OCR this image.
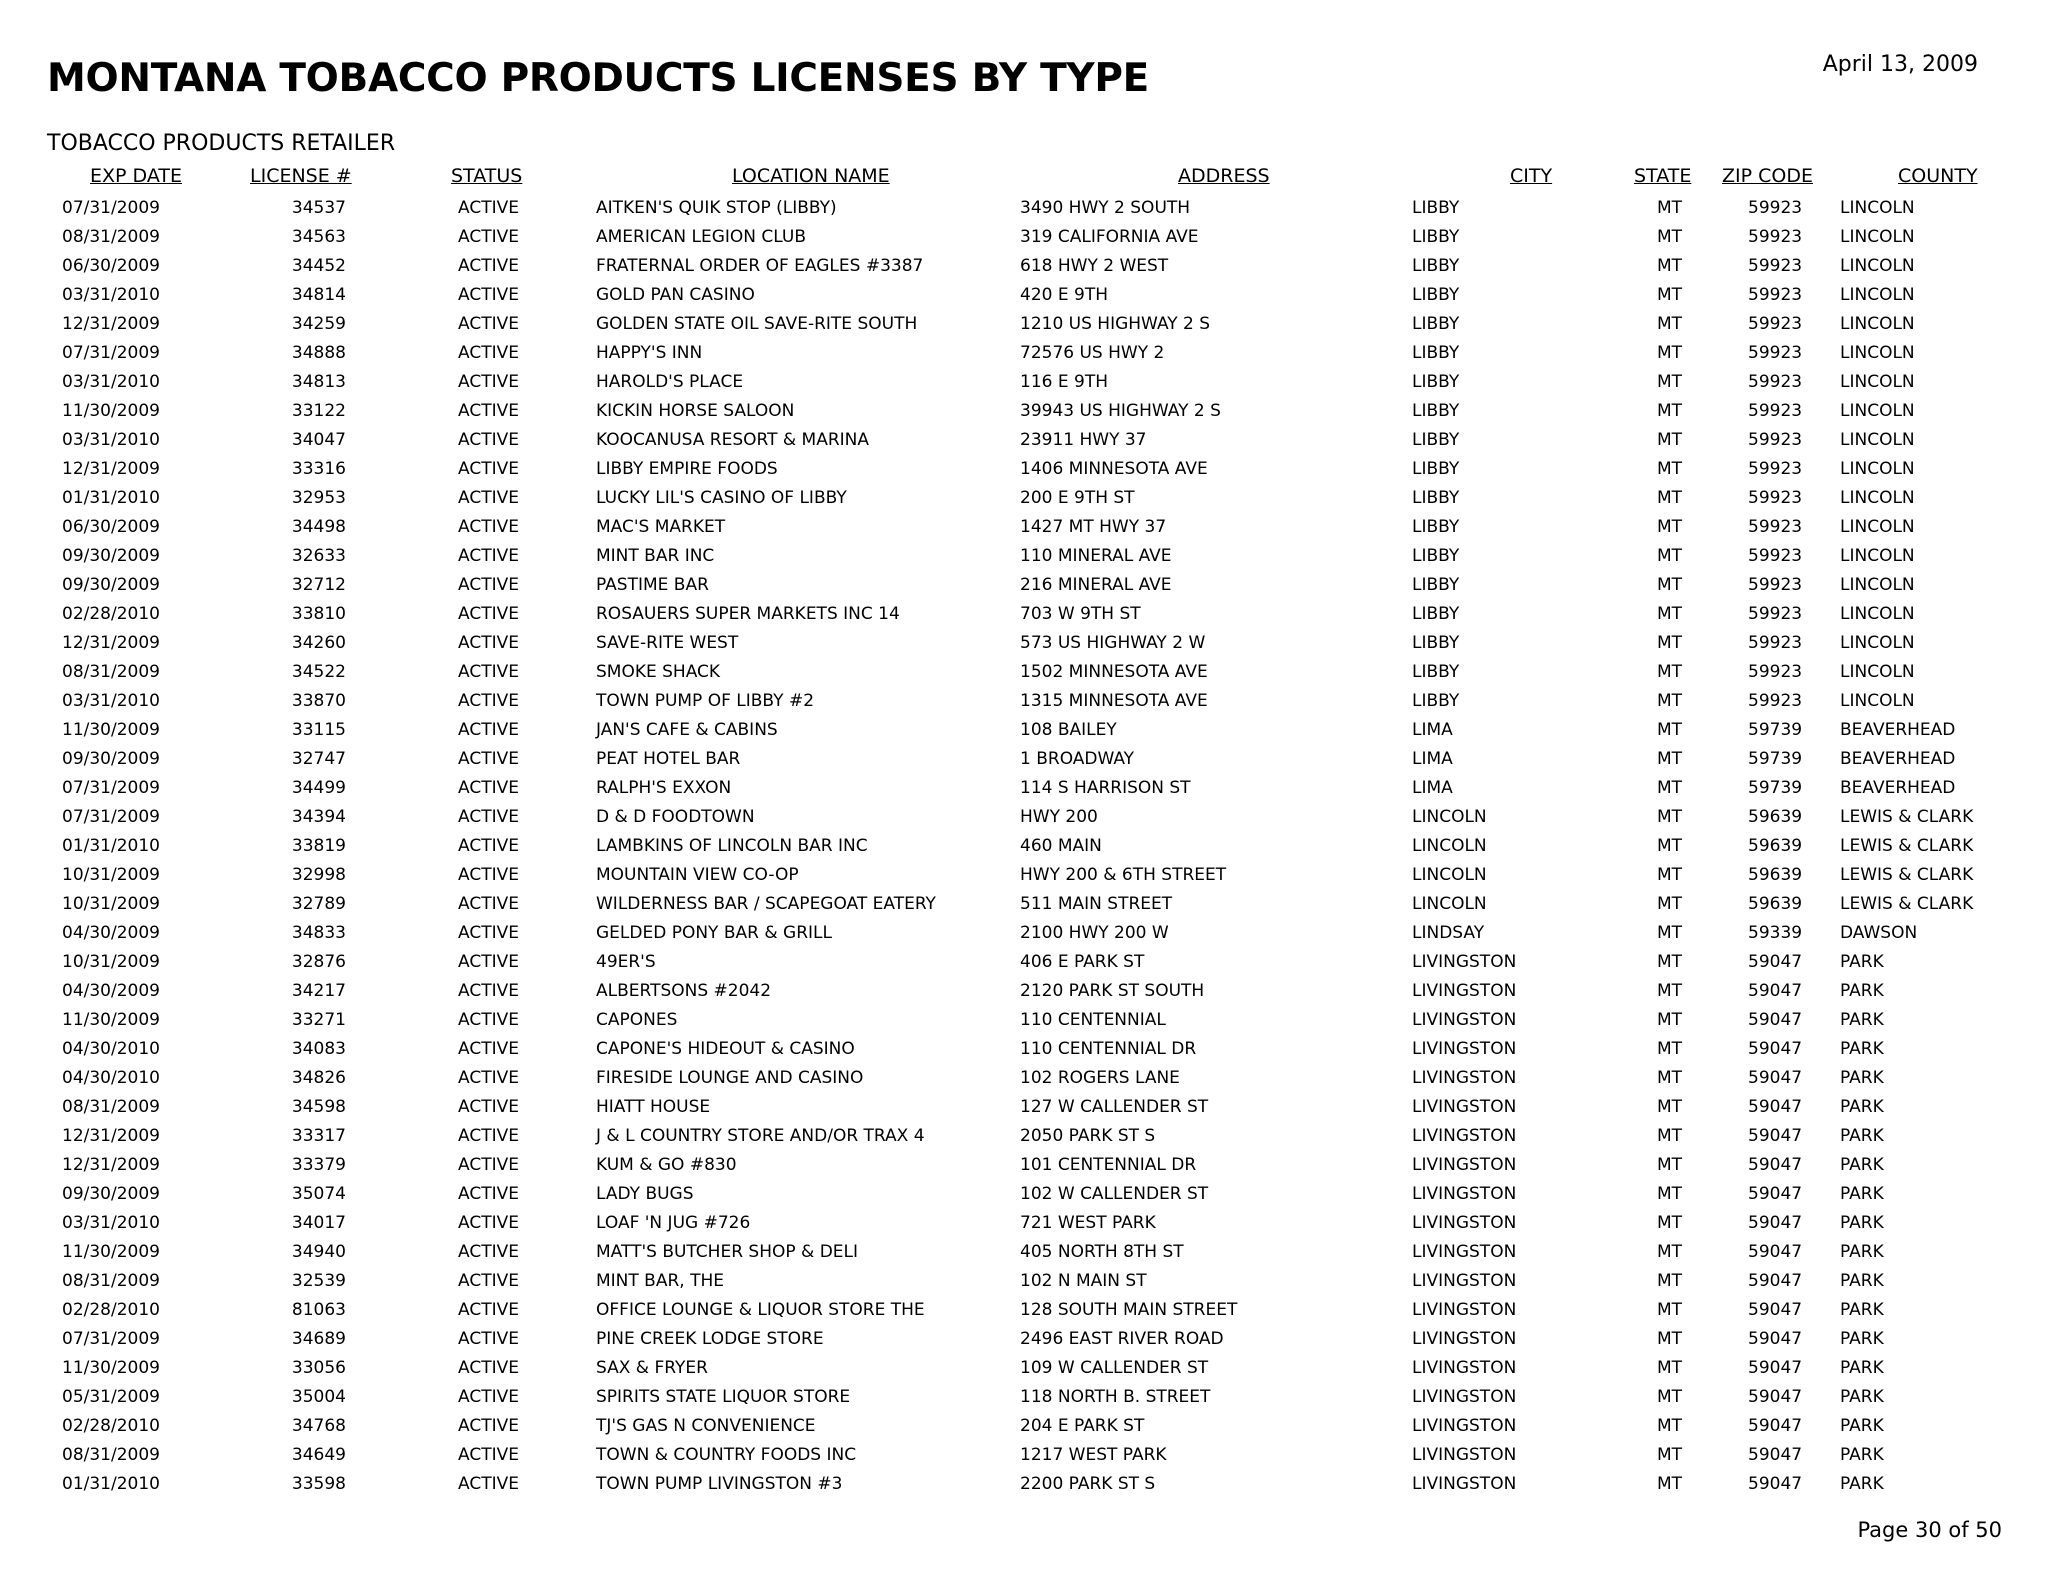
MONTANA TOBACCO PRODUCTS LICENSES BY TYPE	April 13, 2009
TOBACCO PRODUCTS RETAILER
EXP DATE	LICENSE #	STATUS	LOCATION NAME	ADDRESS	CITY	STATE ZIP CODE	COUNTY
07/31/2009	34537	ACTIVE	AITKEN'S QUIK STOP (LIBBY)	3490 HWY 2 SOUTH	LIBBY	MT	59923 LINCOLN
08/31/2009	34563	ACTIVE	AMERICAN LEGION CLUB	319 CALIFORNIA AVE	LIBBY	MT	59923 LINCOLN
06/30/2009	34452	ACTIVE	FRATERNAL ORDER OF EAGLES #3387	618 HWY 2 WEST	LIBBY	MT	59923 LINCOLN
03/31/2010	34814	ACTIVE	GOLD PAN CASINO	420 E 9TH	LIBBY	MT	59923 LINCOLN
12/31/2009	34259	ACTIVE	GOLDEN STATE OIL SAVE-RITE SOUTH	1210 US HIGHWAY 2 S	LIBBY	MT	59923 LINCOLN
07/31/2009	34888	ACTIVE	HAPPY'S INN	72576 US HWY 2	LIBBY	MT	59923 LINCOLN
03/31/2010	34813	ACTIVE	HAROLD'S PLACE	116 E 9TH	LIBBY	MT	59923 LINCOLN
11/30/2009	33122	ACTIVE	KICKIN HORSE SALOON	39943 US HIGHWAY 2 S	LIBBY	MT	59923 LINCOLN
03/31/2010	34047	ACTIVE	KOOCANUSA RESORT & MARINA	23911 HWY 37	LIBBY	MT	59923 LINCOLN
12/31/2009	33316	ACTIVE	LIBBY EMPIRE FOODS	1406 MINNESOTA AVE	LIBBY	MT	59923 LINCOLN
01/31/2010	32953	ACTIVE	LUCKY LIL'S CASINO OF LIBBY	200 E 9TH ST	LIBBY	MT	59923 LINCOLN
06/30/2009	34498	ACTIVE	MAC'S MARKET	1427 MT HWY 37	LIBBY	MT	59923 LINCOLN
09/30/2009	32633	ACTIVE	MINT BAR INC	110 MINERAL AVE	LIBBY	MT	59923 LINCOLN
09/30/2009	32712	ACTIVE	PASTIME BAR	216 MINERAL AVE	LIBBY	MT	59923 LINCOLN
02/28/2010	33810	ACTIVE	ROSAUERS SUPER MARKETS INC 14	703 W 9TH ST	LIBBY	MT	59923 LINCOLN
12/31/2009	34260	ACTIVE	SAVE-RITE WEST	573 US HIGHWAY 2 W	LIBBY	MT	59923 LINCOLN
08/31/2009	34522	ACTIVE	SMOKE SHACK	1502 MINNESOTA AVE	LIBBY	MT	59923 LINCOLN
03/31/2010	33870	ACTIVE	TOWN PUMP OF LIBBY #2	1315 MINNESOTA AVE	LIBBY	MT	59923 LINCOLN
11/30/2009	33115	ACTIVE	JAN'S CAFE & CABINS	108 BAILEY	LIMA	MT	59739 BEAVERHEAD
09/30/2009	32747	ACTIVE	PEAT HOTEL BAR	1 BROADWAY	LIMA	MT	59739 BEAVERHEAD
07/31/2009	34499	ACTIVE	RALPH'S EXXON	114 S HARRISON ST	LIMA	MT	59739 BEAVERHEAD
07/31/2009	34394	ACTIVE	D & D FOODTOWN	HWY 200	LINCOLN	MT	59639 LEWIS & CLARK
01/31/2010	33819	ACTIVE	LAMBKINS OF LINCOLN BAR INC	460 MAIN	LINCOLN	MT	59639 LEWIS & CLARK
10/31/2009	32998	ACTIVE	MOUNTAIN VIEW CO-OP	HWY 200 & 6TH STREET	LINCOLN	MT	59639 LEWIS & CLARK
10/31/2009	32789	ACTIVE	WILDERNESS BAR / SCAPEGOAT EATERY	511 MAIN STREET	LINCOLN	MT	59639 LEWIS & CLARK
04/30/2009	34833	ACTIVE	GELDED PONY BAR & GRILL	2100 HWY 200 W	LINDSAY	MT	59339 DAWSON
10/31/2009	32876	ACTIVE	49ER'S	406 E PARK ST	LIVINGSTON	MT	59047 PARK
04/30/2009	34217	ACTIVE	ALBERTSONS #2042	2120 PARK ST SOUTH	LIVINGSTON	MT	59047 PARK
11/30/2009	33271	ACTIVE	CAPONES	110 CENTENNIAL	LIVINGSTON	MT	59047 PARK
04/30/2010	34083	ACTIVE	CAPONE'S HIDEOUT & CASINO	110 CENTENNIAL DR	LIVINGSTON	MT	59047 PARK
04/30/2010	34826	ACTIVE	FIRESIDE LOUNGE AND CASINO	102 ROGERS LANE	LIVINGSTON	MT	59047 PARK
08/31/2009	34598	ACTIVE	HIATT HOUSE	127 W CALLENDER ST	LIVINGSTON	MT	59047 PARK
12/31/2009	33317	ACTIVE	J & L COUNTRY STORE AND/OR TRAX 4	2050 PARK ST S	LIVINGSTON	MT	59047 PARK
12/31/2009	33379	ACTIVE	KUM & GO #830	101 CENTENNIAL DR	LIVINGSTON	MT	59047 PARK
09/30/2009	35074	ACTIVE	LADY BUGS	102 W CALLENDER ST	LIVINGSTON	MT	59047 PARK
03/31/2010	34017	ACTIVE	LOAF 'N JUG #726	721 WEST PARK	LIVINGSTON	MT	59047 PARK
11/30/2009	34940	ACTIVE	MATT'S BUTCHER SHOP & DELI	405 NORTH 8TH ST	LIVINGSTON	MT	59047 PARK
08/31/2009	32539	ACTIVE	MINT BAR, THE	102 N MAIN ST	LIVINGSTON	MT	59047 PARK
02/28/2010	81063	ACTIVE	OFFICE LOUNGE & LIQUOR STORE THE	128 SOUTH MAIN STREET	LIVINGSTON	MT	59047 PARK
07/31/2009	34689	ACTIVE	PINE CREEK LODGE STORE	2496 EAST RIVER ROAD	LIVINGSTON	MT	59047 PARK
11/30/2009	33056	ACTIVE	SAX & FRYER	109 W CALLENDER ST	LIVINGSTON	MT	59047 PARK
05/31/2009	35004	ACTIVE	SPIRITS STATE LIQUOR STORE	118 NORTH B. STREET	LIVINGSTON	MT	59047 PARK
02/28/2010	34768	ACTIVE	TJ'S GAS N CONVENIENCE	204 E PARK ST	LIVINGSTON	MT	59047 PARK
08/31/2009	34649	ACTIVE	TOWN & COUNTRY FOODS INC	1217 WEST PARK	LIVINGSTON	MT	59047 PARK
01/31/2010	33598	ACTIVE	TOWN PUMP LIVINGSTON #3	2200 PARK ST S	LIVINGSTON	MT	59047 PARK
Page 30 of 50
